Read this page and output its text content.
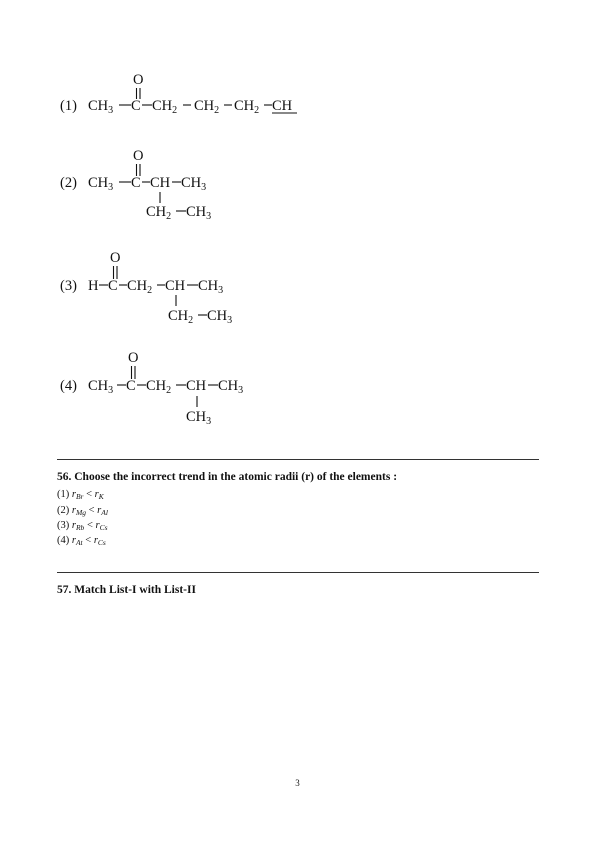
(1)
O
$CH_3$ C $CH_2$ $CH_2$ $CH_2$ CH
(2)
O
$CH_3$ C CH $CH_3$
$CH_2$ $CH_3$
(3)
O
H C $CH_2$ CH $CH_3$
$CH_2$ $CH_3$
(4)
O
$CH_3$ C $CH_2$ CH $CH_3$
$CH_3$
56. Choose the incorrect trend in the atomic radii (r) of the elements :
(1) $r_{Br} < r_K$
(2) $r_{Mg} < r_{Al}$
(3) $r_{Rb} < r_{Cs}$
(4) $r_{At} < r_{Cs}$
57. Match List-I with List-II
3
